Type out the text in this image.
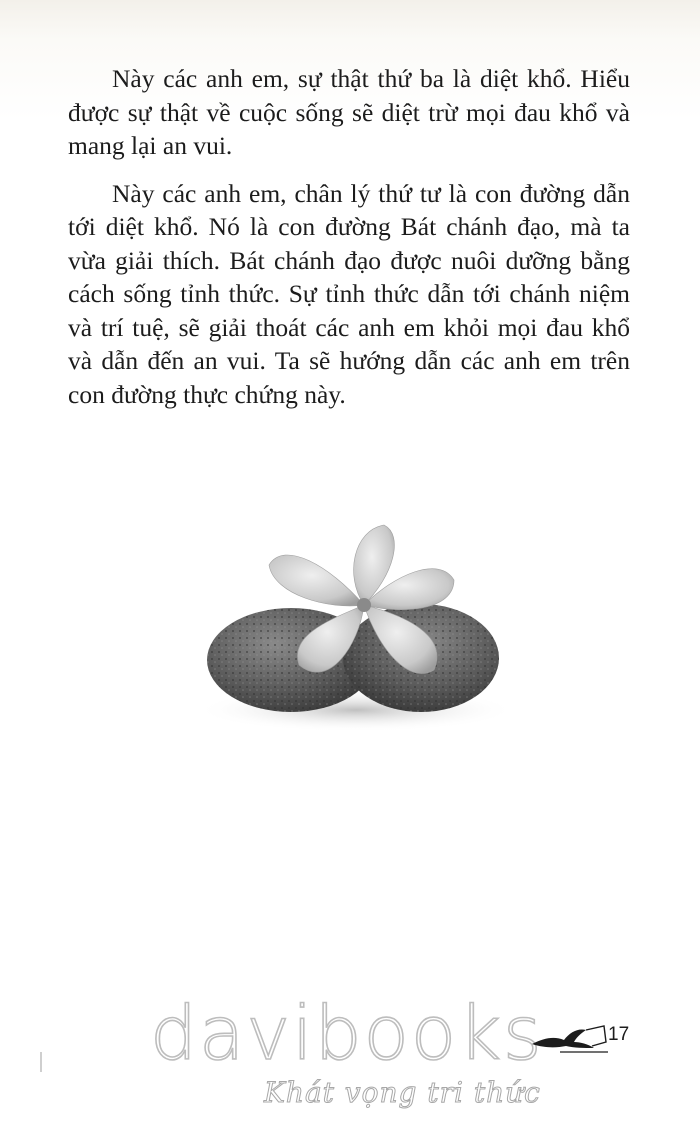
Này các anh em, sự thật thứ ba là diệt khổ. Hiểu được sự thật về cuộc sống sẽ diệt trừ mọi đau khổ và mang lại an vui.

Này các anh em, chân lý thứ tư là con đường dẫn tới diệt khổ. Nó là con đường Bát chánh đạo, mà ta vừa giải thích. Bát chánh đạo được nuôi dưỡng bằng cách sống tỉnh thức. Sự tỉnh thức dẫn tới chánh niệm và trí tuệ, sẽ giải thoát các anh em khỏi mọi đau khổ và dẫn đến an vui. Ta sẽ hướng dẫn các anh em trên con đường thực chứng này.

davibooks
Khát vọng tri thức
17
